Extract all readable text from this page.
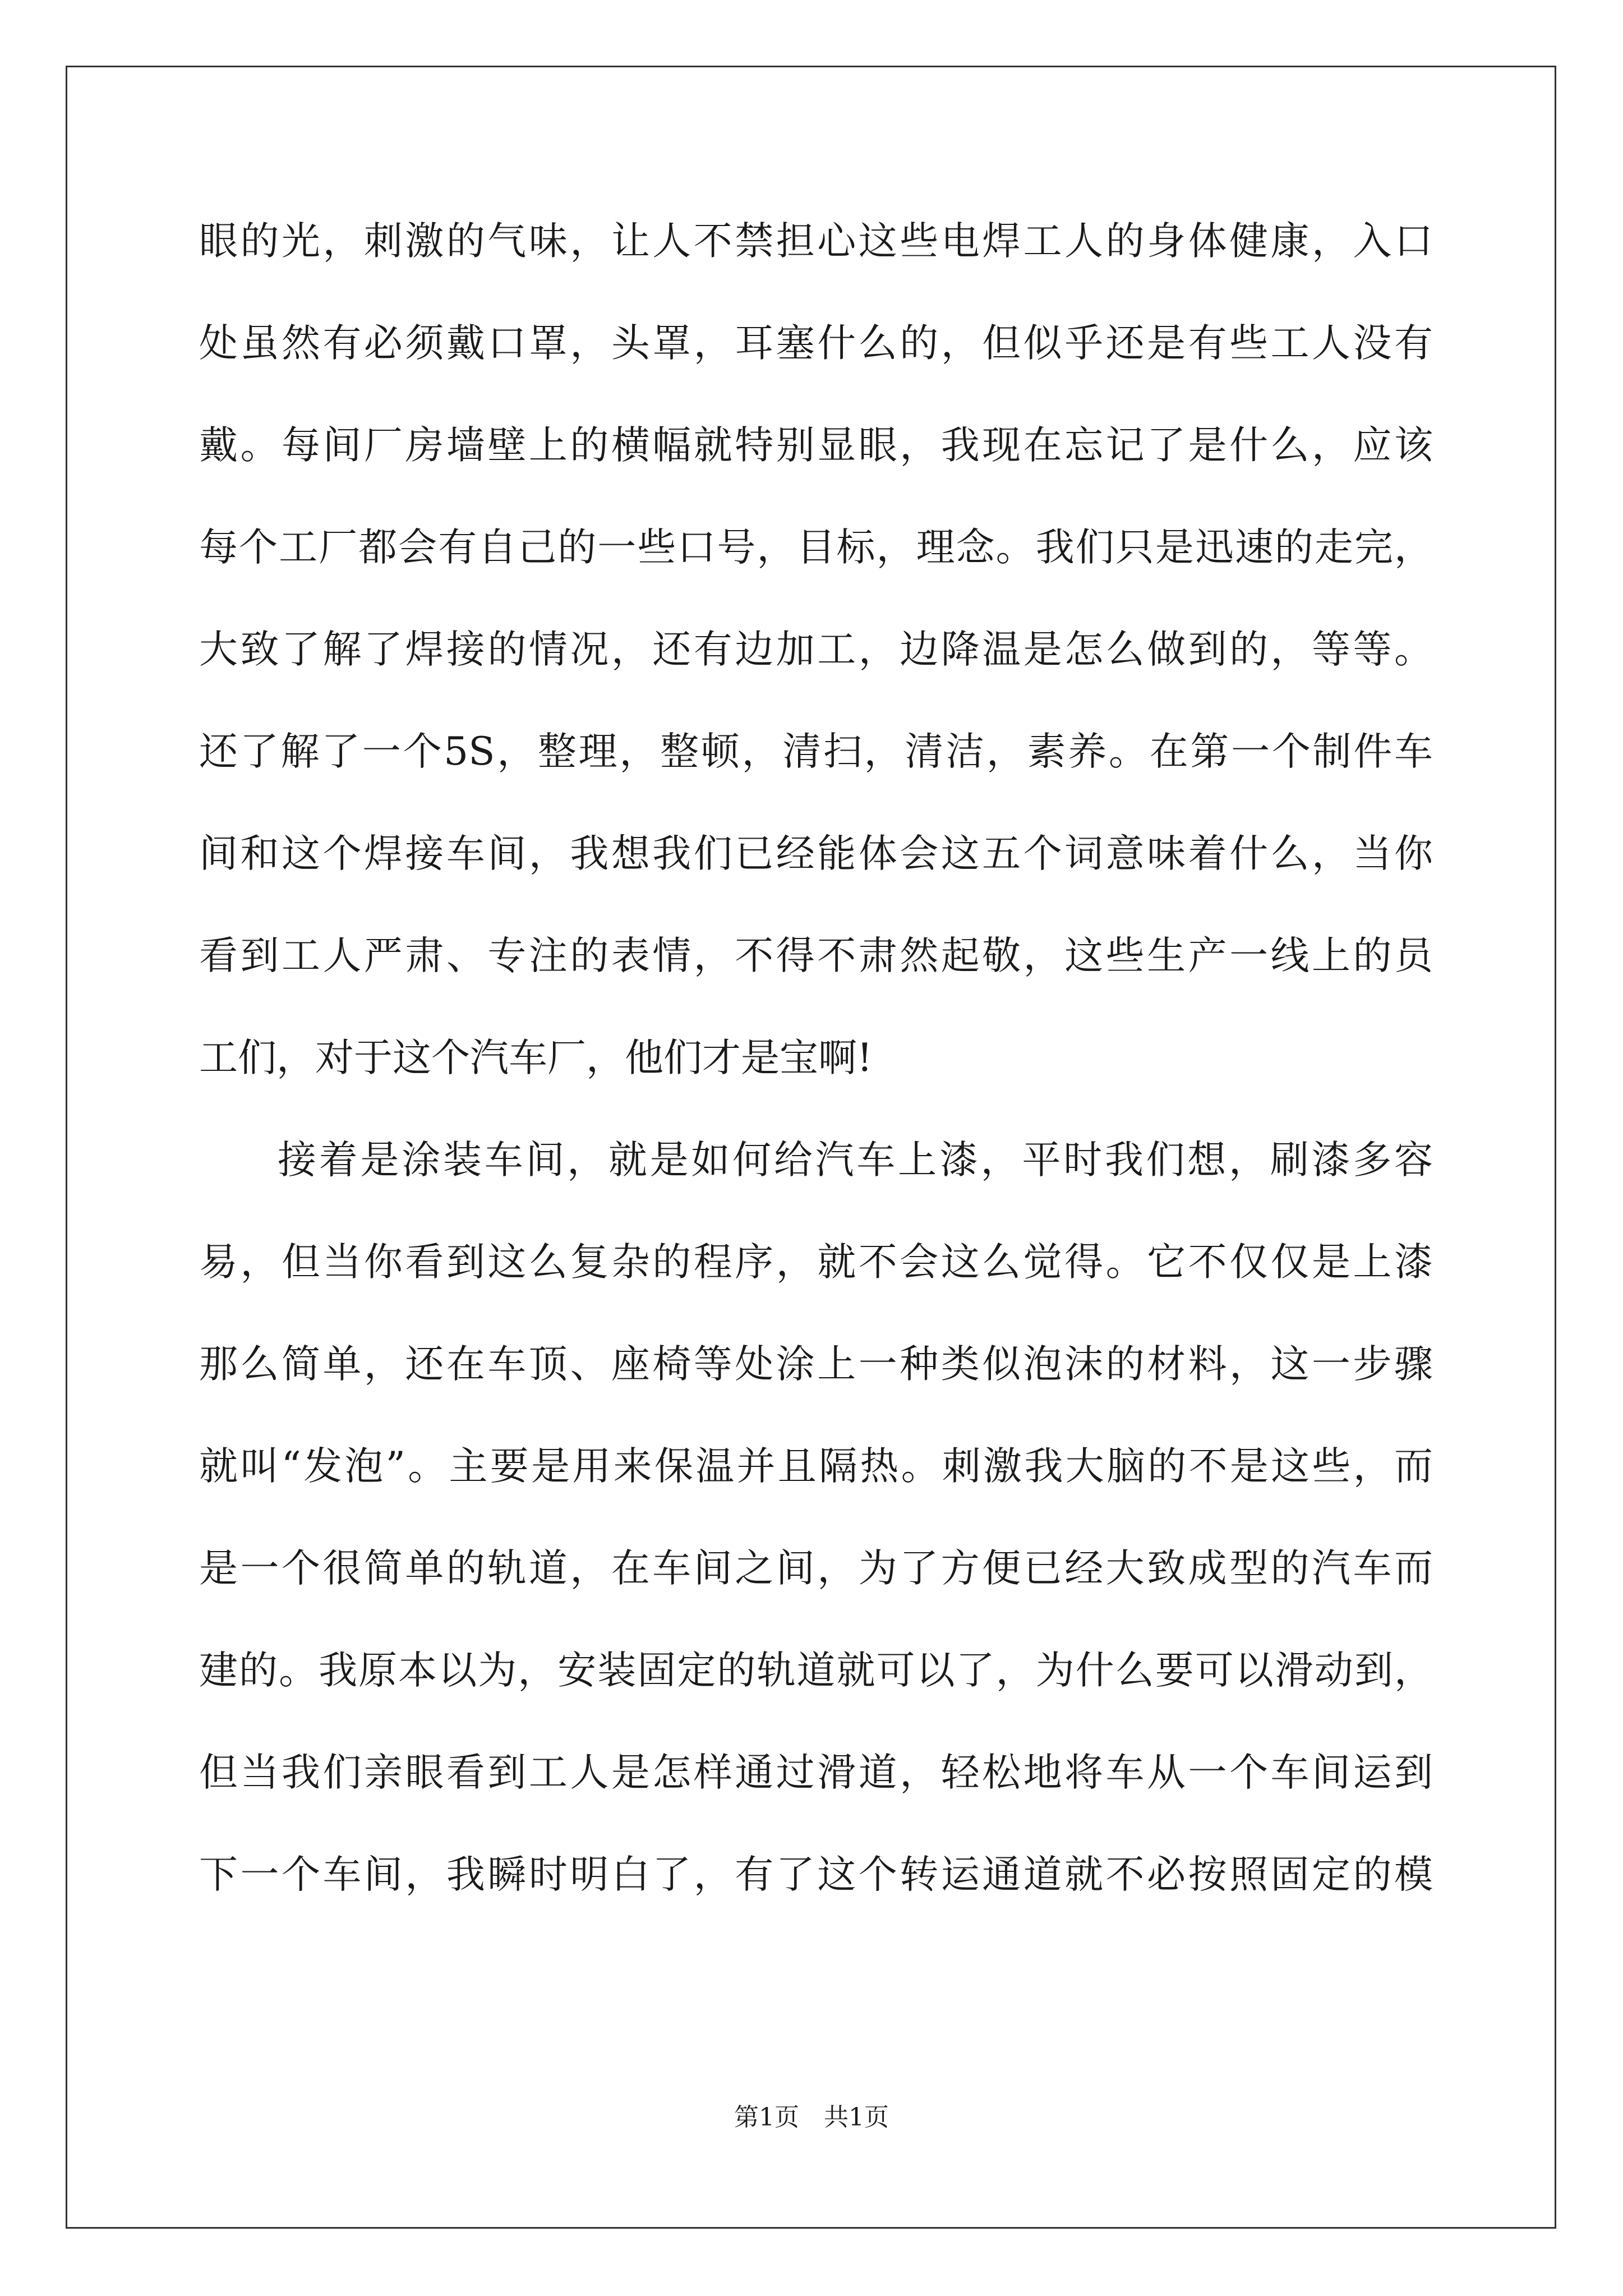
眼的光，刺激的气味，让人不禁担心这些电焊工人的身体健康，入口
处虽然有必须戴口罩，头罩，耳塞什么的，但似乎还是有些工人没有
戴。每间厂房墙壁上的横幅就特别显眼，我现在忘记了是什么，应该
每个工厂都会有自己的一些口号，目标，理念。我们只是迅速的走完，
大致了解了焊接的情况，还有边加工，边降温是怎么做到的，等等。
还了解了一个5S，整理，整顿，清扫，清洁，素养。在第一个制件车
间和这个焊接车间，我想我们已经能体会这五个词意味着什么，当你
看到工人严肃、专注的表情，不得不肃然起敬，这些生产一线上的员
工们，对于这个汽车厂，他们才是宝啊!
接着是涂装车间，就是如何给汽车上漆，平时我们想，刷漆多容
易，但当你看到这么复杂的程序，就不会这么觉得。它不仅仅是上漆
那么简单，还在车顶、座椅等处涂上一种类似泡沫的材料，这一步骤
就叫“发泡”。主要是用来保温并且隔热。刺激我大脑的不是这些，而
是一个很简单的轨道，在车间之间，为了方便已经大致成型的汽车而
建的。我原本以为，安装固定的轨道就可以了，为什么要可以滑动到，
但当我们亲眼看到工人是怎样通过滑道，轻松地将车从一个车间运到
下一个车间，我瞬时明白了，有了这个转运通道就不必按照固定的模
第1页　共1页
